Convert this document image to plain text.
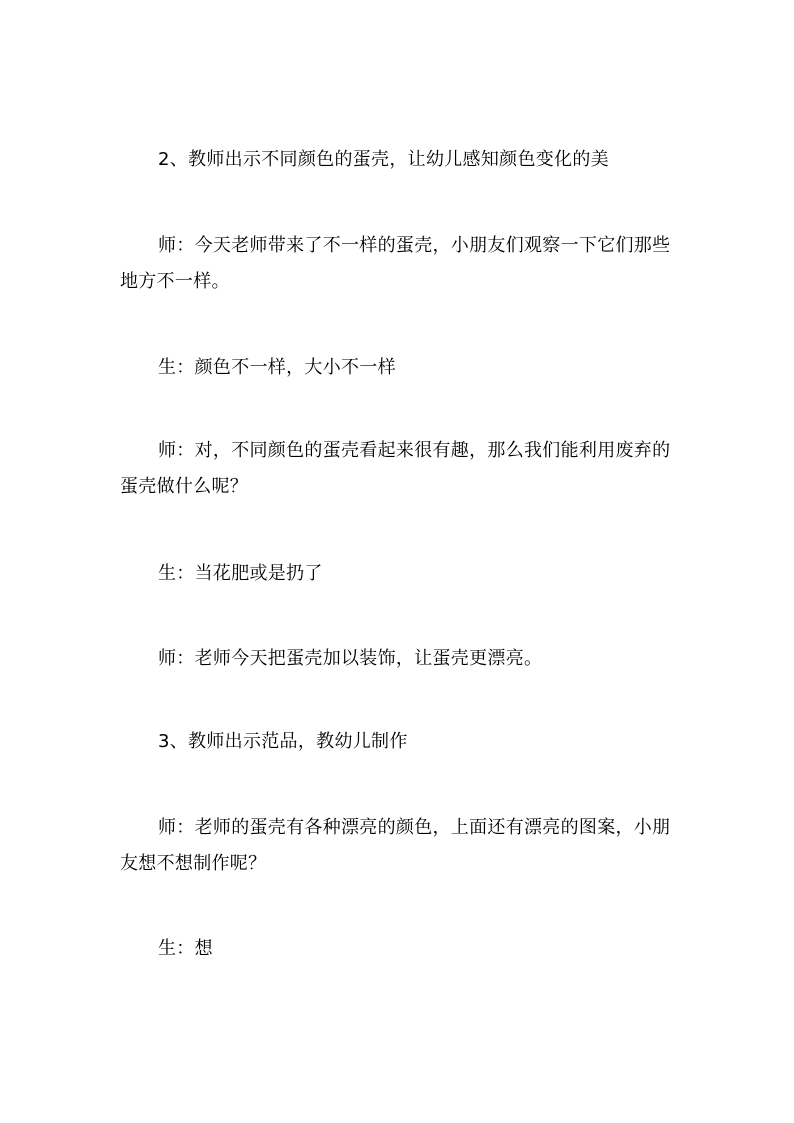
2、教师出示不同颜色的蛋壳，让幼儿感知颜色变化的美

师：今天老师带来了不一样的蛋壳，小朋友们观察一下它们那些地方不一样。

生：颜色不一样，大小不一样

师：对，不同颜色的蛋壳看起来很有趣，那么我们能利用废弃的蛋壳做什么呢？

生：当花肥或是扔了

师：老师今天把蛋壳加以装饰，让蛋壳更漂亮。

3、教师出示范品，教幼儿制作

师：老师的蛋壳有各种漂亮的颜色，上面还有漂亮的图案，小朋友想不想制作呢？

生：想
